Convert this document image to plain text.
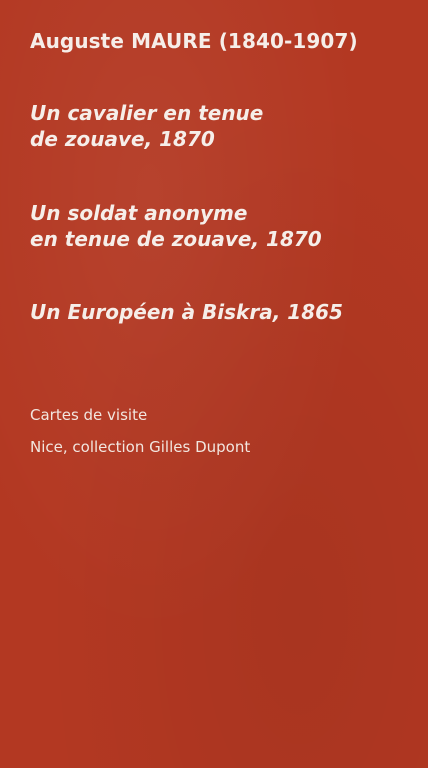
Auguste MAURE (1840-1907)

Un cavalier en tenue
de zouave, 1870

Un soldat anonyme
en tenue de zouave, 1870

Un Européen à Biskra, 1865

Cartes de visite

Nice, collection Gilles Dupont
